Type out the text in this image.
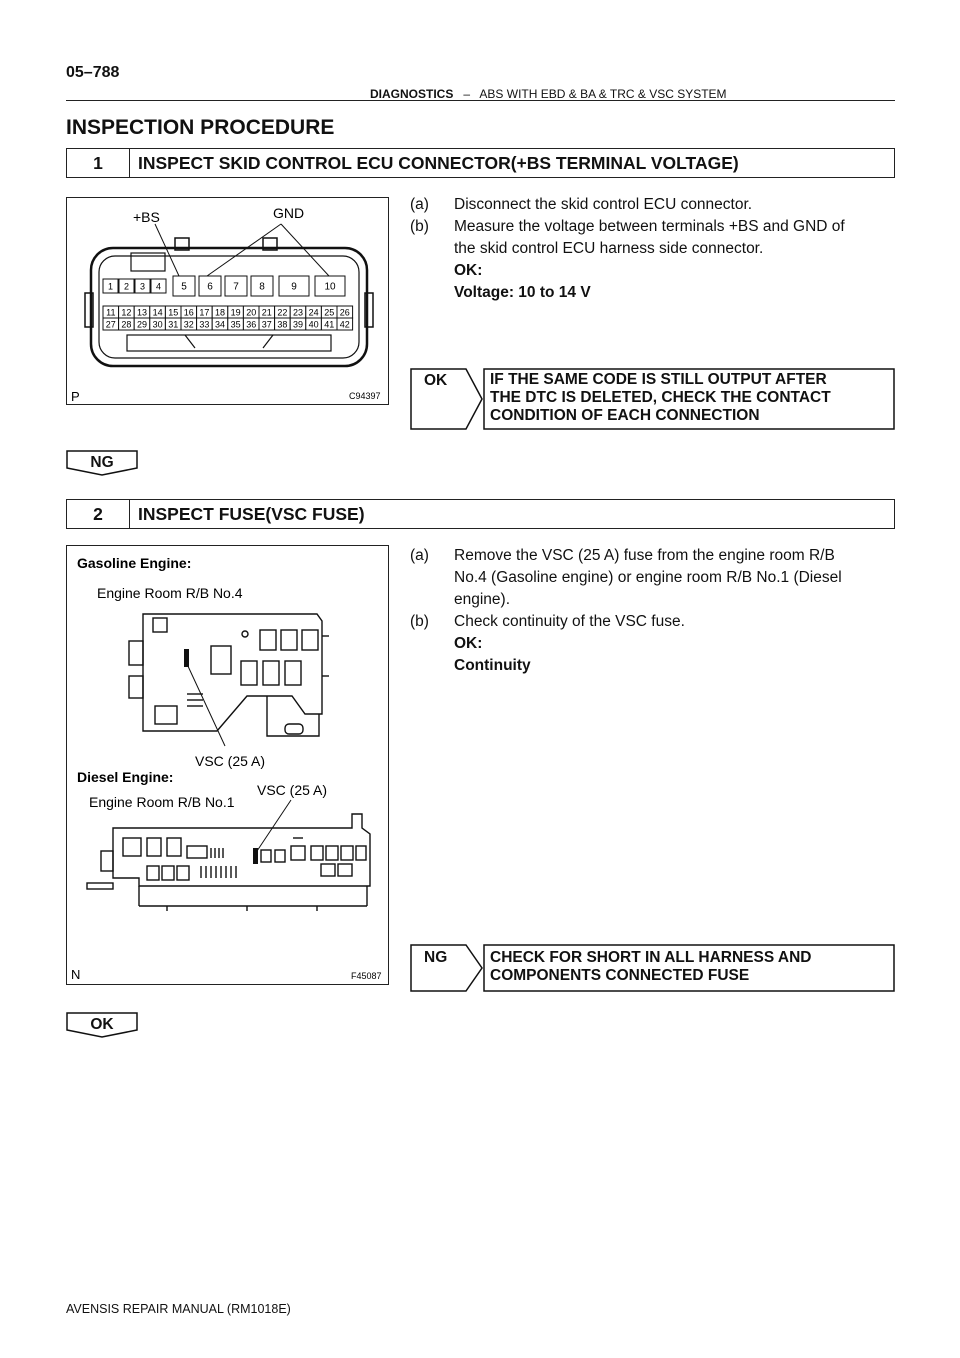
05–788
DIAGNOSTICS – ABS WITH EBD & BA & TRC & VSC SYSTEM
INSPECTION PROCEDURE
1	INSPECT SKID CONTROL ECU CONNECTOR(+BS TERMINAL VOLTAGE)
1 2 3 4 5 6 7 8	9	10
11 12 13 14 15 16 17 18 19 20 21 22 23 24 25 26
27 28 29 30 31 32 33 34 35 36 37 38 39 40 41 42
+BS	GND
P	C94397
(a)	Disconnect the skid control ECU connector.
(b)	Measure the voltage between terminals +BS and GND of
the skid control ECU harness side connector.
OK:
Voltage: 10 to 14 V
OK	IF THE SAME CODE IS STILL OUTPUT AFTER
THE DTC IS DELETED, CHECK THE CONTACT
CONDITION OF EACH CONNECTION
NG
2	INSPECT FUSE(VSC FUSE)
Gasoline Engine:
Engine Room R/B No.4
VSC (25 A)
Diesel Engine:
Engine Room R/B No.1
VSC (25 A)
N	F45087
(a)	Remove the VSC (25 A) fuse from the engine room R/B
No.4 (Gasoline engine) or engine room R/B No.1 (Diesel
engine).
(b)	Check continuity of the VSC fuse.
OK:
Continuity
NG	CHECK FOR SHORT IN ALL HARNESS AND
COMPONENTS CONNECTED FUSE
OK
AVENSIS REPAIR MANUAL (RM1018E)
